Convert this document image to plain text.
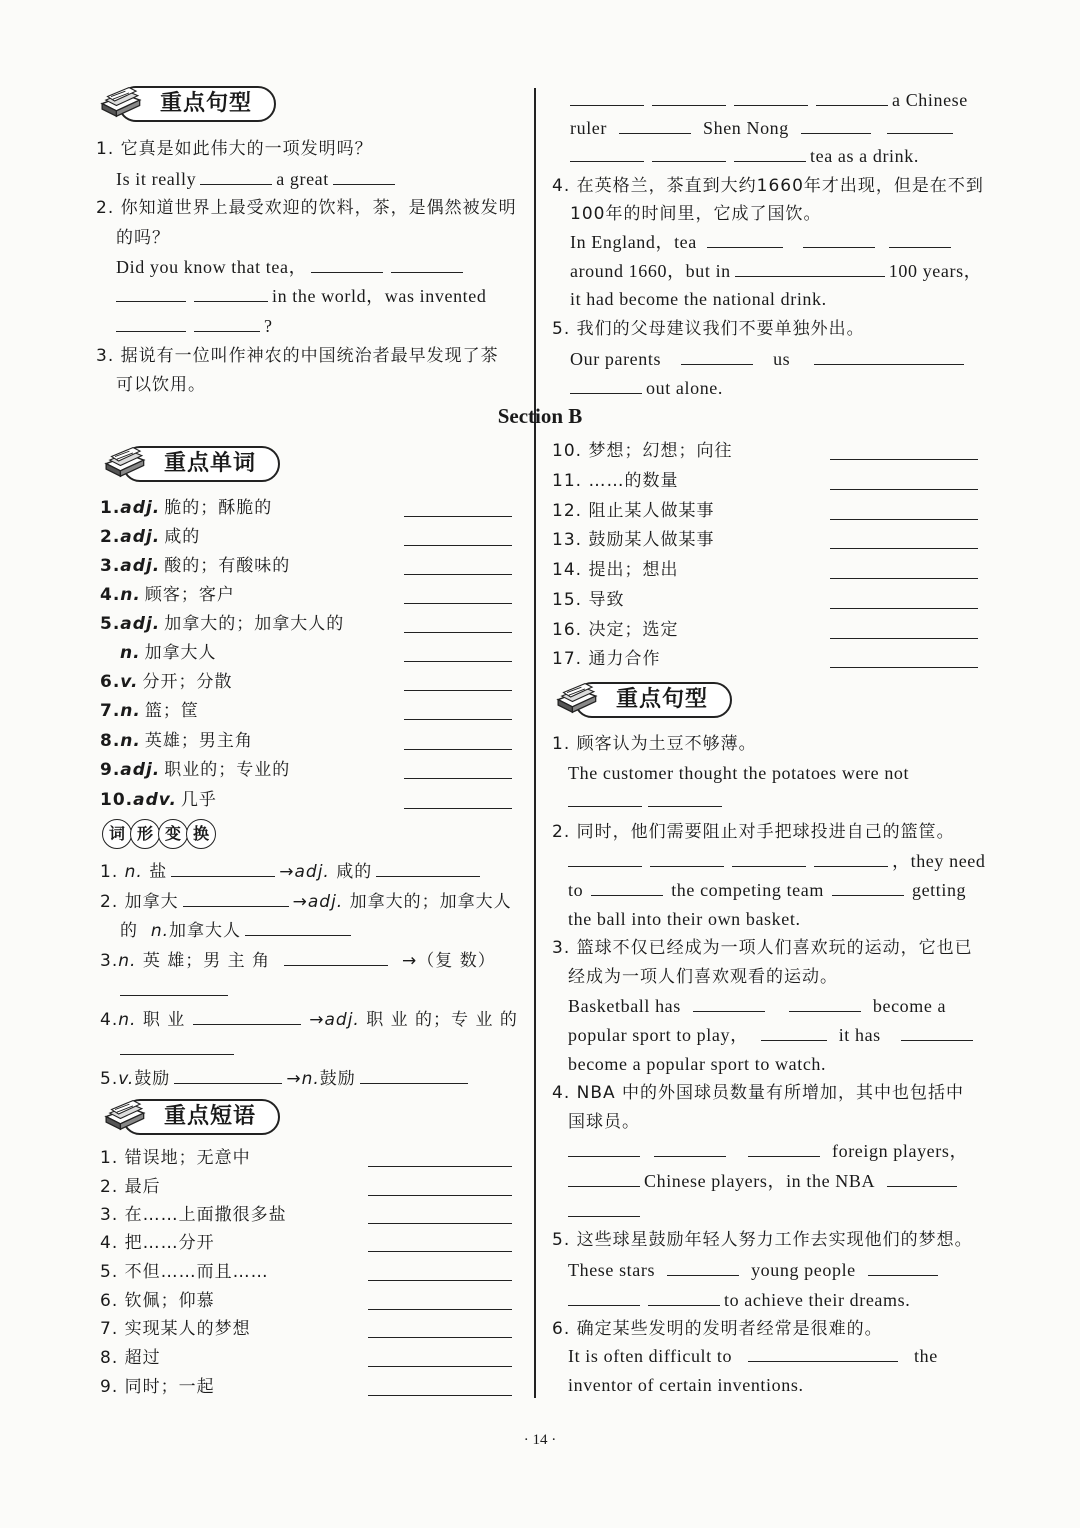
重点句型
1. 它真是如此伟大的一项发明吗？
Is it really	a great
2. 你知道世界上最受欢迎的饮料，茶，是偶然被发明
的吗？
Did you know that tea，
in the world，was invented
?
3. 据说有一位叫作神农的中国统治者最早发现了茶
可以饮用。
a Chinese
ruler	Shen Nong
tea as a drink.
4. 在英格兰，茶直到大约1660年才出现，但是在不到
100年的时间里，它成了国饮。
In England，tea
around 1660，but in	100 years，
it had become the national drink.
5. 我们的父母建议我们不要单独外出。
Our parents	us
out alone.
Section B
重点单词
1.adj. 脆的；酥脆的
2.adj. 咸的
3.adj. 酸的；有酸味的
4.n. 顾客；客户
5.adj. 加拿大的；加拿大人的
n. 加拿大人
6.v. 分开；分散
7.n. 篮；筐
8.n. 英雄；男主角
9.adj. 职业的；专业的
10.adv. 几乎
词 形 变 换
1. n. 盐	→adj. 咸的
2. 加拿大	→adj. 加拿大的；加拿大人
的 n.加拿大人
3.n. 英 雄；男 主 角	→（复 数）
4.n. 职 业	→adj. 职 业 的；专 业 的
5.v.鼓励	→n.鼓励
重点短语
1. 错误地；无意中
2. 最后
3. 在……上面撒很多盐
4. 把……分开
5. 不但……而且……
6. 钦佩；仰慕
7. 实现某人的梦想
8. 超过
9. 同时；一起
10. 梦想；幻想；向往
11. ……的数量
12. 阻止某人做某事
13. 鼓励某人做某事
14. 提出；想出
15. 导致
16. 决定；选定
17. 通力合作
重点句型
1. 顾客认为土豆不够薄。
The customer thought the potatoes were not
2. 同时，他们需要阻止对手把球投进自己的篮筐。
，they need
to	the competing team	getting
the ball into their own basket.
3. 篮球不仅已经成为一项人们喜欢玩的运动，它也已
经成为一项人们喜欢观看的运动。
Basketball has	become a
popular sport to play，	it has
become a popular sport to watch.
4. NBA 中的外国球员数量有所增加，其中也包括中
国球员。
foreign players，
Chinese players，in the NBA
5. 这些球星鼓励年轻人努力工作去实现他们的梦想。
These stars	young people
to achieve their dreams.
6. 确定某些发明的发明者经常是很难的。
It is often difficult to	the
inventor of certain inventions.
· 14 ·
